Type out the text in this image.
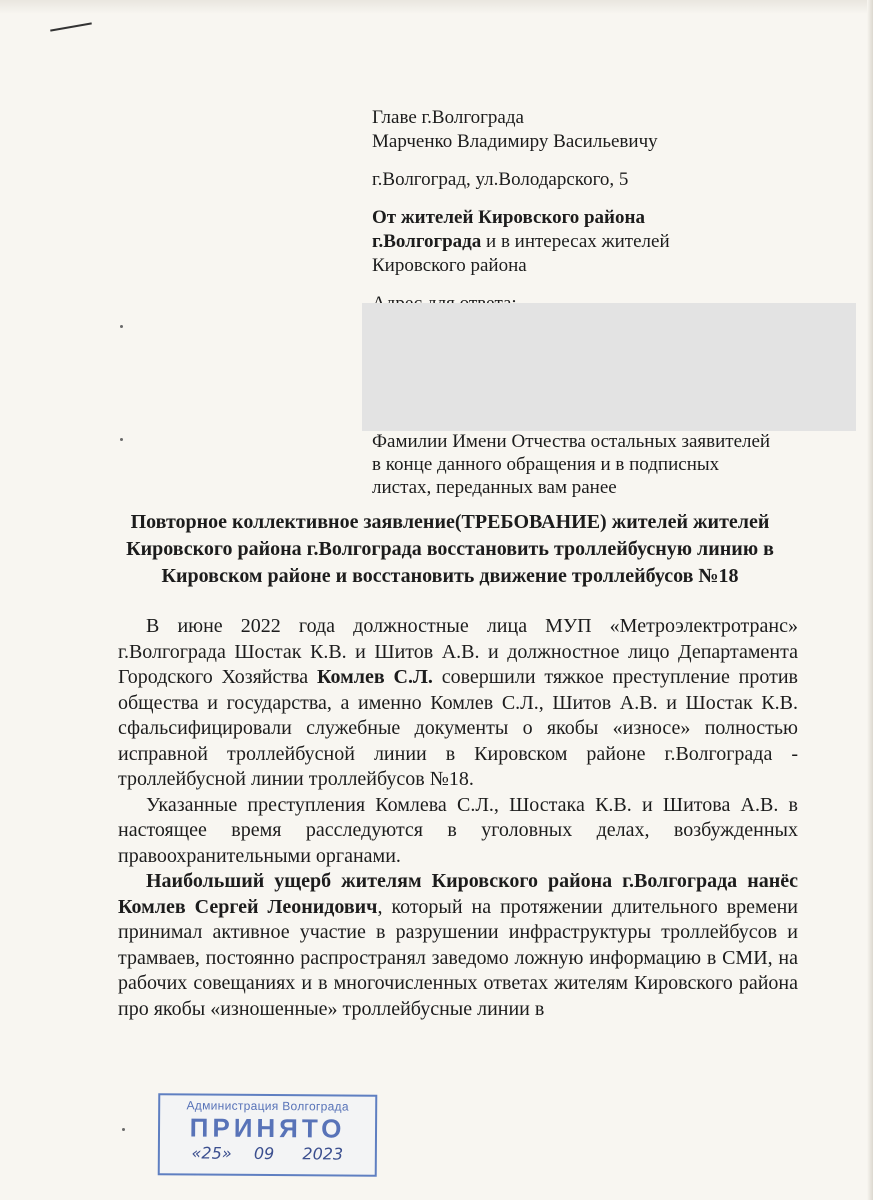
Главе г.Волгограда

Марченко Владимиру Васильевичу

г.Волгоград, ул.Володарского, 5

От жителей Кировского района

г.Волгограда и в интересах жителей

Кировского района

Фамилии Имени Отчества остальных заявителей в конце данного обращения и в подписных листах, переданных вам ранее
Повторное коллективное заявление(ТРЕБОВАНИЕ) жителей жителей Кировского района г.Волгограда восстановить троллейбусную линию в Кировском районе и восстановить движение троллейбусов №18

В июне 2022 года должностные лица МУП «Метроэлектротранс» г.Волгограда Шостак К.В. и Шитов А.В. и должностное лицо Департамента Городского Хозяйства Комлев С.Л. совершили тяжкое преступление против общества и государства, а именно Комлев С.Л., Шитов А.В. и Шостак К.В. сфальсифицировали служебные документы о якобы «износе» полностью исправной троллейбусной линии в Кировском районе г.Волгограда - троллейбусной линии троллейбусов №18.

Указанные преступления Комлева С.Л., Шостака К.В. и Шитова А.В. в настоящее время расследуются в уголовных делах, возбужденных правоохранительными органами.

Наибольший ущерб жителям Кировского района г.Волгограда нанёс Комлев Сергей Леонидович, который на протяжении длительного времени принимал активное участие в разрушении инфраструктуры троллейбусов и трамваев, постоянно распространял заведомо ложную информацию в СМИ, на рабочих совещаниях и в многочисленных ответах жителям Кировского района про якобы «изношенные» троллейбусные линии в

Администрация Волгограда
ПРИНЯТО
«25» 09 2023
